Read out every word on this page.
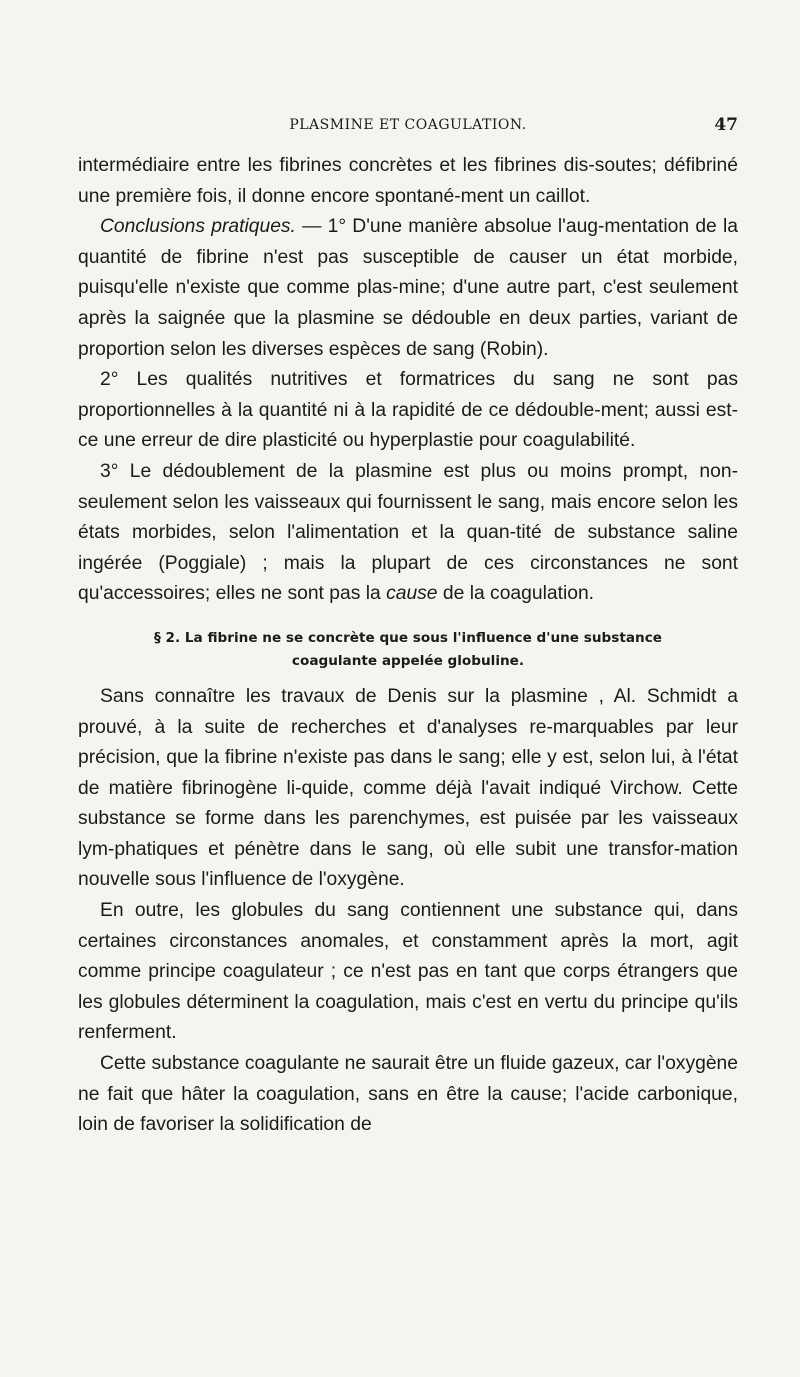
PLASMINE ET COAGULATION.	47

intermédiaire entre les fibrines concrètes et les fibrines dis-soutes; défibriné une première fois, il donne encore spontané-ment un caillot.

Conclusions pratiques. — 1° D'une manière absolue l'aug-mentation de la quantité de fibrine n'est pas susceptible de causer un état morbide, puisqu'elle n'existe que comme plas-mine; d'une autre part, c'est seulement après la saignée que la plasmine se dédouble en deux parties, variant de proportion selon les diverses espèces de sang (Robin).

2° Les qualités nutritives et formatrices du sang ne sont pas proportionnelles à la quantité ni à la rapidité de ce dédouble-ment; aussi est-ce une erreur de dire plasticité ou hyperplastie pour coagulabilité.

3° Le dédoublement de la plasmine est plus ou moins prompt, non-seulement selon les vaisseaux qui fournissent le sang, mais encore selon les états morbides, selon l'alimentation et la quan-tité de substance saline ingérée (Poggiale) ; mais la plupart de ces circonstances ne sont qu'accessoires; elles ne sont pas la cause de la coagulation.

§ 2. La fibrine ne se concrète que sous l'influence d'une substance
coagulante appelée globuline.

Sans connaître les travaux de Denis sur la plasmine , Al. Schmidt a prouvé, à la suite de recherches et d'analyses re-marquables par leur précision, que la fibrine n'existe pas dans le sang; elle y est, selon lui, à l'état de matière fibrinogène li-quide, comme déjà l'avait indiqué Virchow. Cette substance se forme dans les parenchymes, est puisée par les vaisseaux lym-phatiques et pénètre dans le sang, où elle subit une transfor-mation nouvelle sous l'influence de l'oxygène.

En outre, les globules du sang contiennent une substance qui, dans certaines circonstances anomales, et constamment après la mort, agit comme principe coagulateur ; ce n'est pas en tant que corps étrangers que les globules déterminent la coagulation, mais c'est en vertu du principe qu'ils renferment.

Cette substance coagulante ne saurait être un fluide gazeux, car l'oxygène ne fait que hâter la coagulation, sans en être la cause; l'acide carbonique, loin de favoriser la solidification de
